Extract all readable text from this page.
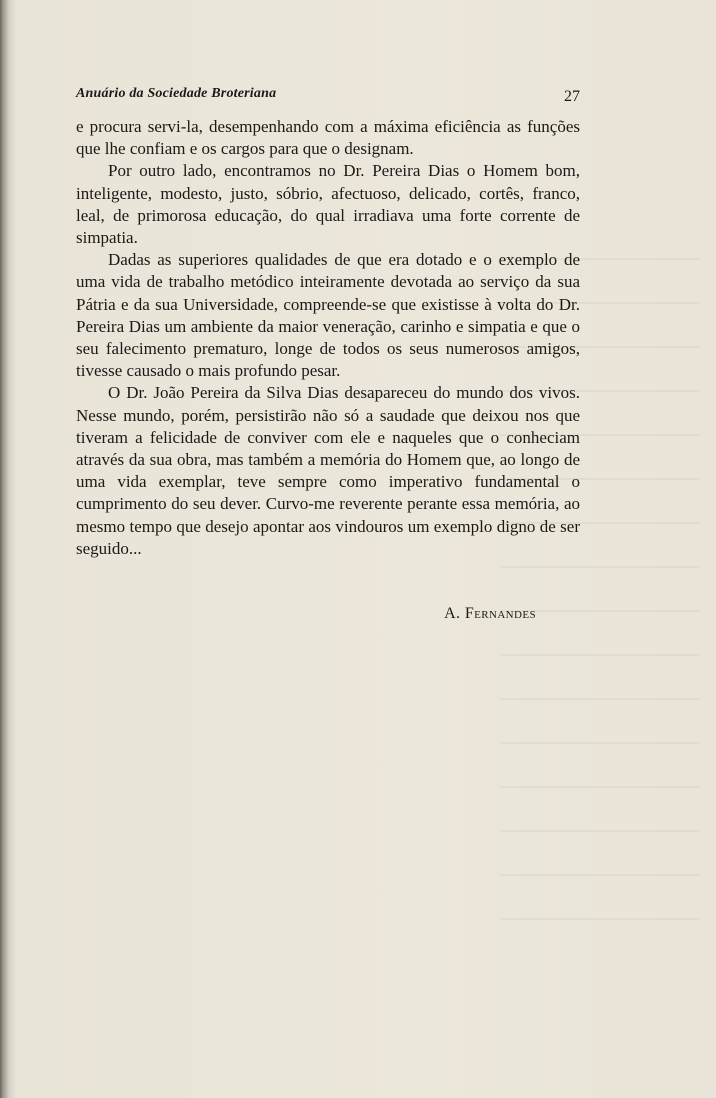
Anuário da Sociedade Broteriana	27

e procura servi-la, desempenhando com a máxima eficiência as funções que lhe confiam e os cargos para que o designam.

Por outro lado, encontramos no Dr. Pereira Dias o Homem bom, inteligente, modesto, justo, sóbrio, afectuoso, delicado, cortês, franco, leal, de primorosa educação, do qual irradiava uma forte corrente de simpatia.

Dadas as superiores qualidades de que era dotado e o exemplo de uma vida de trabalho metódico inteiramente devotada ao serviço da sua Pátria e da sua Universidade, compreende-se que existisse à volta do Dr. Pereira Dias um ambiente da maior veneração, carinho e simpatia e que o seu falecimento prematuro, longe de todos os seus numerosos amigos, tivesse causado o mais profundo pesar.

O Dr. João Pereira da Silva Dias desapareceu do mundo dos vivos. Nesse mundo, porém, persistirão não só a saudade que deixou nos que tiveram a felicidade de conviver com ele e naqueles que o conheciam através da sua obra, mas também a memória do Homem que, ao longo de uma vida exemplar, teve sempre como imperativo fundamental o cumprimento do seu dever. Curvo-me reverente perante essa memória, ao mesmo tempo que desejo apontar aos vindouros um exemplo digno de ser seguido...

A. Fernandes
